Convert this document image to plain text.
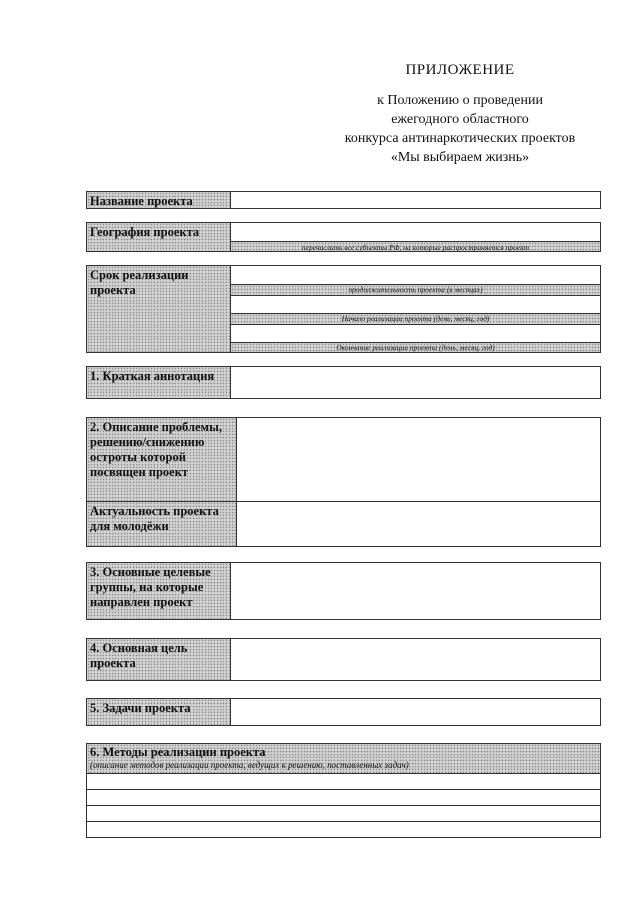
ПРИЛОЖЕНИЕ
к Положению о проведении
ежегодного областного
конкурса антинаркотических проектов
«Мы выбираем жизнь»
Название проекта
География проекта
перечислить все субъекты РФ, на которые распространяется проект
Срок реализации проекта	продолжительность проекта (в месяцах)
Начало реализации проекта (день, месяц, год)
Окончание реализации проекта (день, месяц, год)
1. Краткая аннотация
2. Описание проблемы, решению/снижению остроты которой посвящен проект
Актуальность проекта для молодёжи
3. Основные целевые группы, на которые направлен проект
4. Основная цель проекта
5. Задачи проекта
6. Методы реализации проекта
(описание методов реализации проекта, ведущих к решению, поставленных задач)
